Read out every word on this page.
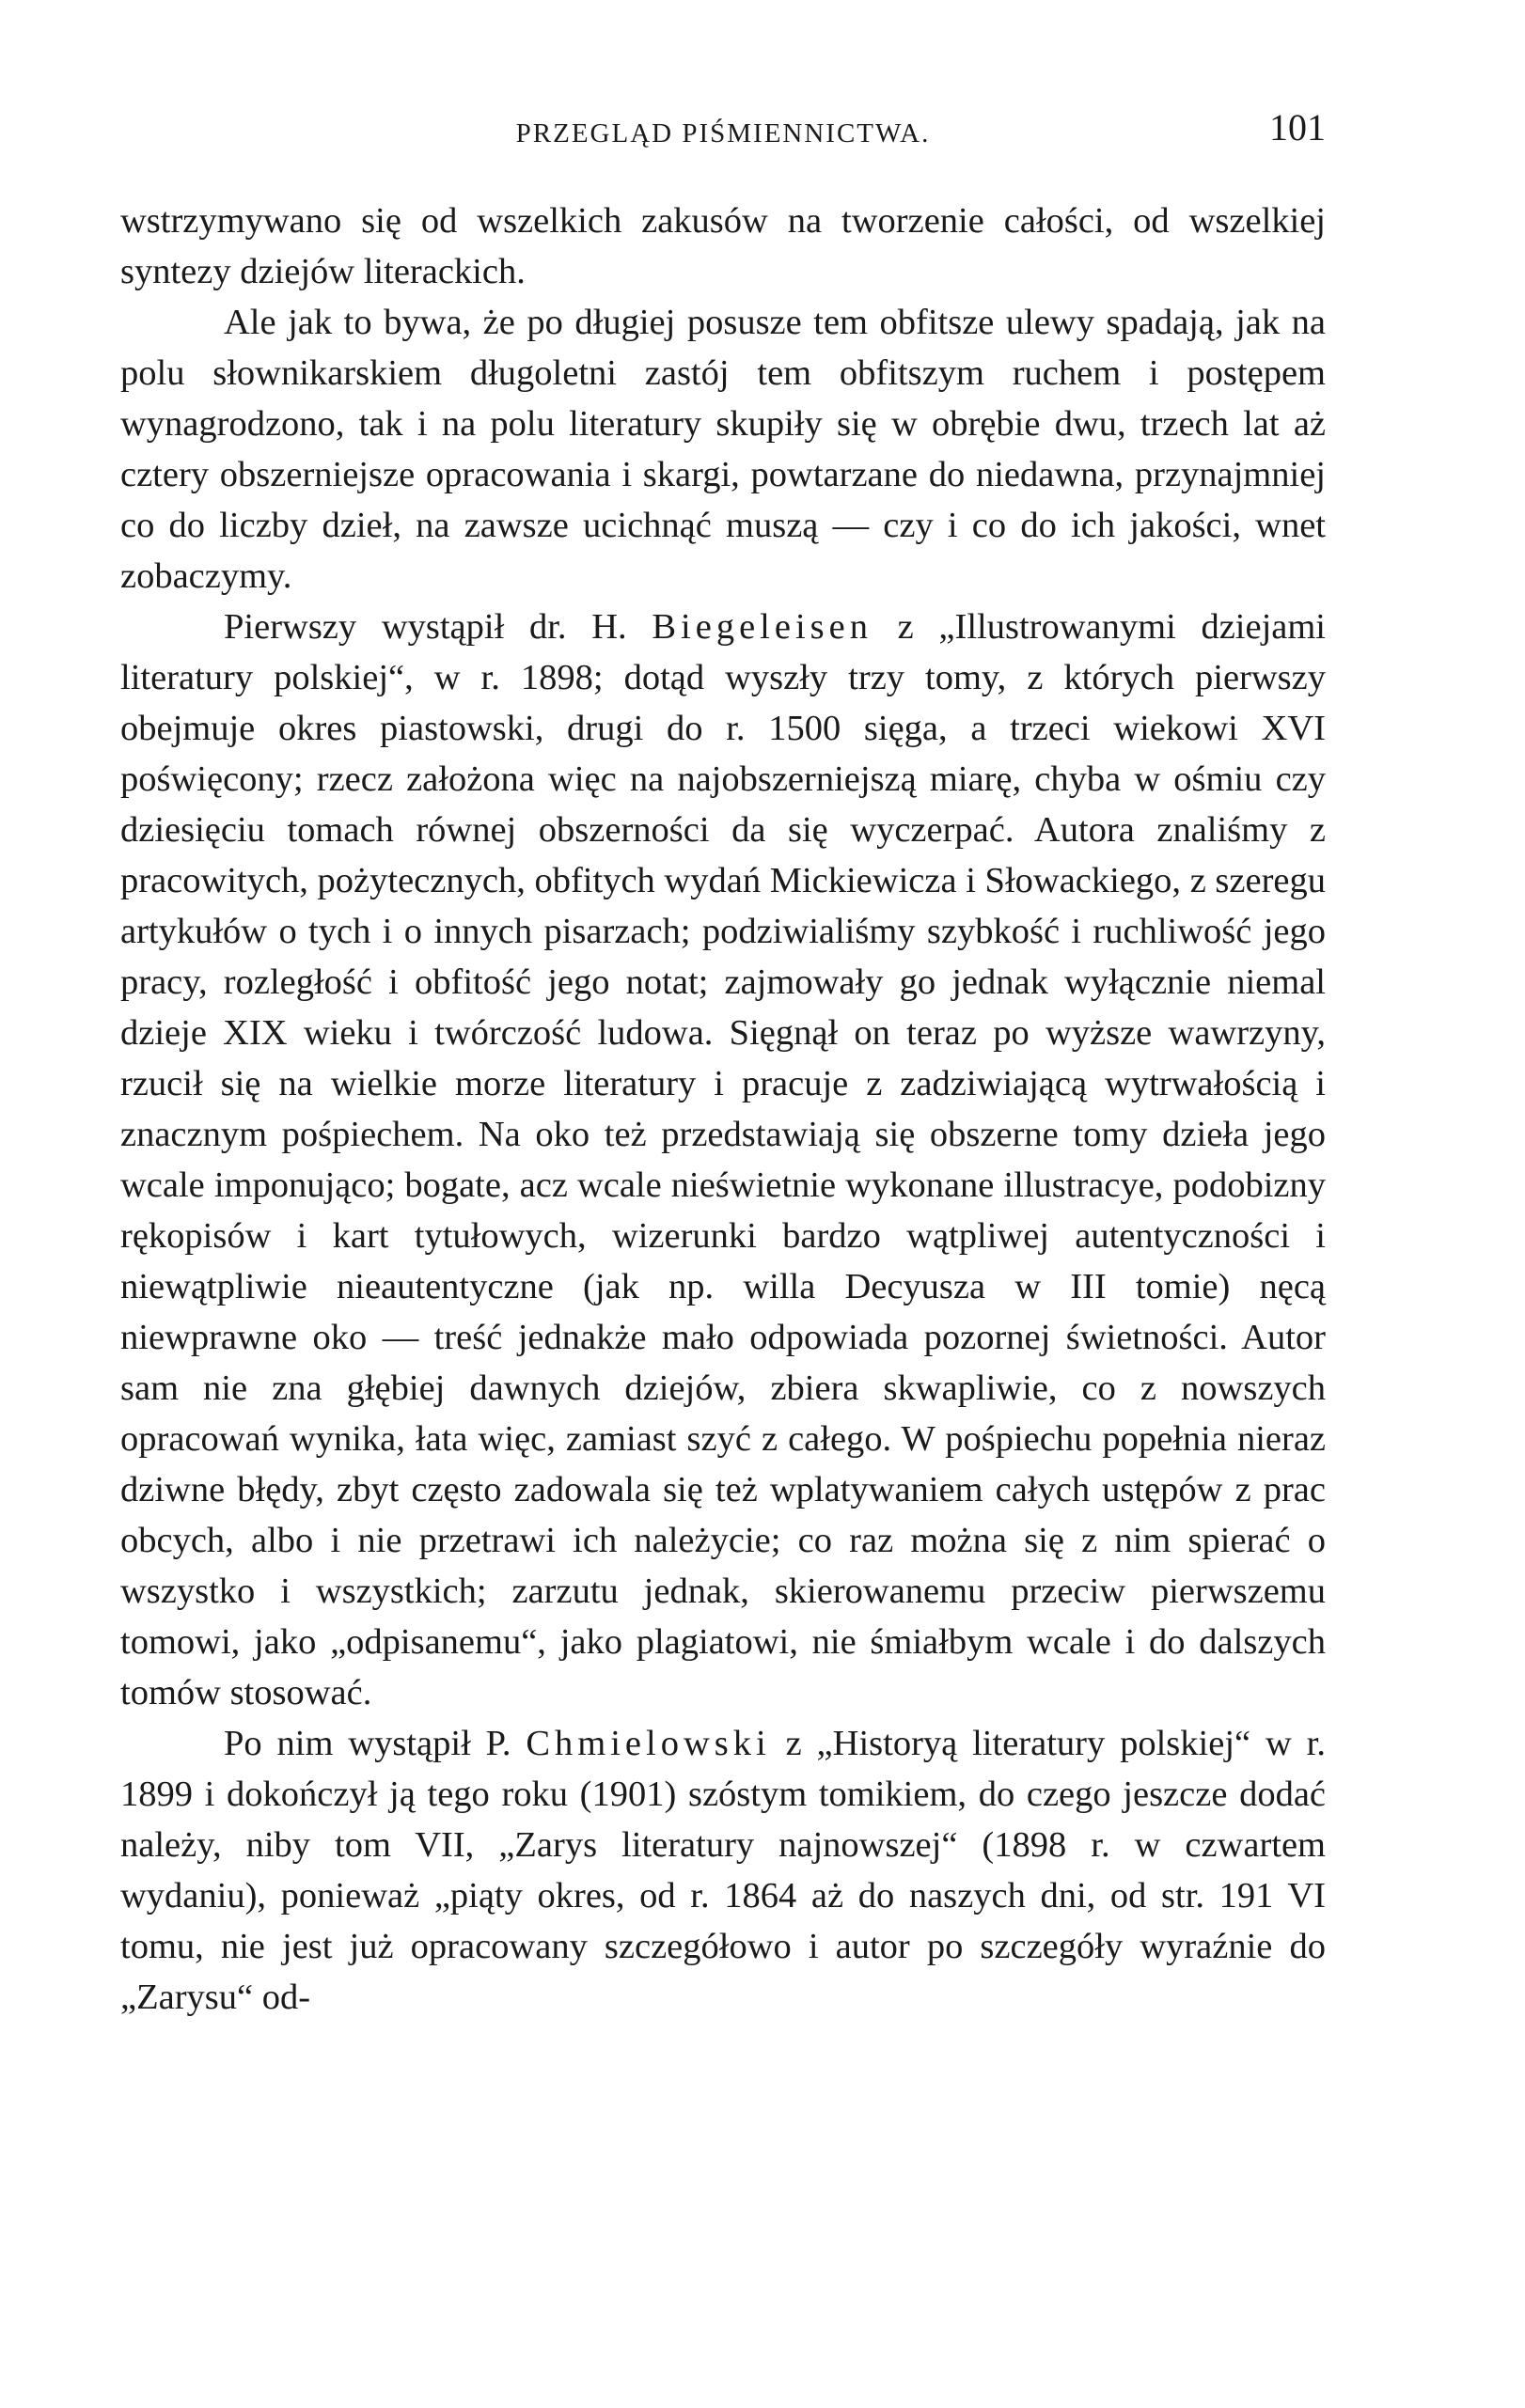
PRZEGLĄD PIŚMIENNICTWA.	101

wstrzymywano się od wszelkich zakusów na tworzenie całości, od wszelkiej syntezy dziejów literackich.

Ale jak to bywa, że po długiej posusze tem obfitsze ulewy spadają, jak na polu słownikarskiem długoletni zastój tem obfitszym ruchem i postępem wynagrodzono, tak i na polu literatury skupiły się w obrębie dwu, trzech lat aż cztery obszerniejsze opracowania i skargi, powtarzane do niedawna, przynajmniej co do liczby dzieł, na zawsze ucichnąć muszą — czy i co do ich jakości, wnet zobaczymy.

Pierwszy wystąpił dr. H. Biegeleisen z „Illustrowanymi dziejami literatury polskiej“, w r. 1898; dotąd wyszły trzy tomy, z których pierwszy obejmuje okres piastowski, drugi do r. 1500 sięga, a trzeci wiekowi XVI poświęcony; rzecz założona więc na najobszerniejszą miarę, chyba w ośmiu czy dziesięciu tomach równej obszerności da się wyczerpać. Autora znaliśmy z pracowitych, pożytecznych, obfitych wydań Mickiewicza i Słowackiego, z szeregu artykułów o tych i o innych pisarzach; podziwialiśmy szybkość i ruchliwość jego pracy, rozległość i obfitość jego notat; zajmowały go jednak wyłącznie niemal dzieje XIX wieku i twórczość ludowa. Sięgnął on teraz po wyższe wawrzyny, rzucił się na wielkie morze literatury i pracuje z zadziwiającą wytrwałością i znacznym pośpiechem. Na oko też przedstawiają się obszerne tomy dzieła jego wcale imponująco; bogate, acz wcale nieświetnie wykonane illustracye, podobizny rękopisów i kart tytułowych, wizerunki bardzo wątpliwej autentyczności i niewątpliwie nieautentyczne (jak np. willa Decyusza w III tomie) nęcą niewprawne oko — treść jednakże mało odpowiada pozornej świetności. Autor sam nie zna głębiej dawnych dziejów, zbiera skwapliwie, co z nowszych opracowań wynika, łata więc, zamiast szyć z całego. W pośpiechu popełnia nieraz dziwne błędy, zbyt często zadowala się też wplatywaniem całych ustępów z prac obcych, albo i nie przetrawi ich należycie; co raz można się z nim spierać o wszystko i wszystkich; zarzutu jednak, skierowanemu przeciw pierwszemu tomowi, jako „odpisanemu“, jako plagiatowi, nie śmiałbym wcale i do dalszych tomów stosować.

Po nim wystąpił P. Chmielowski z „Historyą literatury polskiej“ w r. 1899 i dokończył ją tego roku (1901) szóstym tomikiem, do czego jeszcze dodać należy, niby tom VII, „Zarys literatury najnowszej“ (1898 r. w czwartem wydaniu), ponieważ „piąty okres, od r. 1864 aż do naszych dni, od str. 191 VI tomu, nie jest już opracowany szczegółowo i autor po szczegóły wyraźnie do „Zarysu“ od-
